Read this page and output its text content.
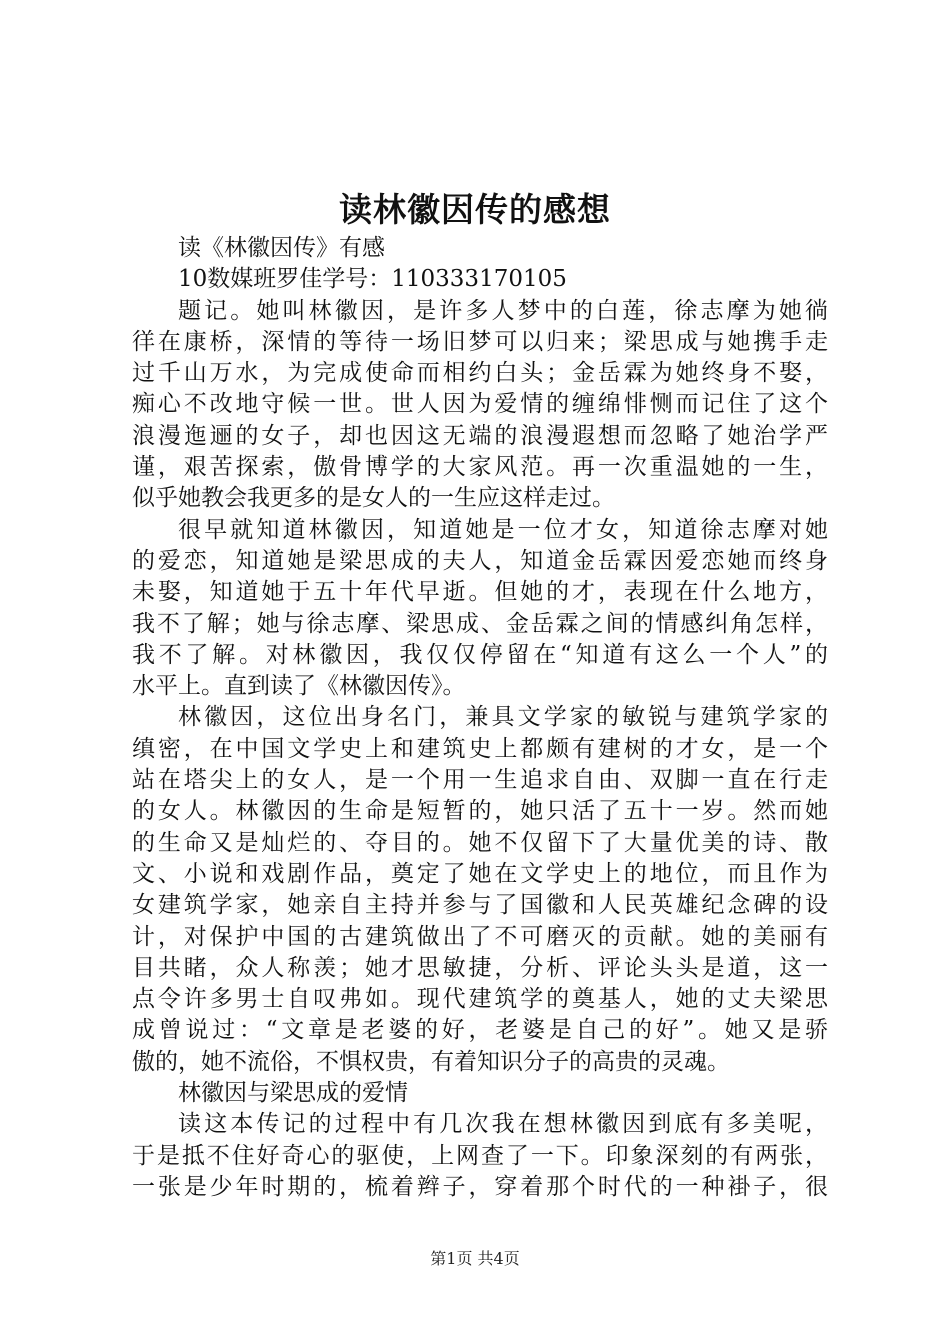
读林徽因传的感想
读《林徽因传》有感
10数媒班罗佳学号：110333170105
题记。她叫林徽因，是许多人梦中的白莲，徐志摩为她徜
徉在康桥，深情的等待一场旧梦可以归来；梁思成与她携手走
过千山万水，为完成使命而相约白头；金岳霖为她终身不娶，
痴心不改地守候一世。世人因为爱情的缠绵悱恻而记住了这个
浪漫迤逦的女子，却也因这无端的浪漫遐想而忽略了她治学严
谨，艰苦探索，傲骨博学的大家风范。再一次重温她的一生，
似乎她教会我更多的是女人的一生应这样走过。
很早就知道林徽因，知道她是一位才女，知道徐志摩对她
的爱恋，知道她是梁思成的夫人，知道金岳霖因爱恋她而终身
未娶，知道她于五十年代早逝。但她的才，表现在什么地方，
我不了解；她与徐志摩、梁思成、金岳霖之间的情感纠角怎样，
我不了解。对林徽因，我仅仅停留在“知道有这么一个人”的
水平上。直到读了《林徽因传》。
林徽因，这位出身名门，兼具文学家的敏锐与建筑学家的
缜密，在中国文学史上和建筑史上都颇有建树的才女，是一个
站在塔尖上的女人，是一个用一生追求自由、双脚一直在行走
的女人。林徽因的生命是短暂的，她只活了五十一岁。然而她
的生命又是灿烂的、夺目的。她不仅留下了大量优美的诗、散
文、小说和戏剧作品，奠定了她在文学史上的地位，而且作为
女建筑学家，她亲自主持并参与了国徽和人民英雄纪念碑的设
计，对保护中国的古建筑做出了不可磨灭的贡献。她的美丽有
目共睹，众人称羡；她才思敏捷，分析、评论头头是道，这一
点令许多男士自叹弗如。现代建筑学的奠基人，她的丈夫梁思
成曾说过：“文章是老婆的好，老婆是自己的好”。她又是骄
傲的，她不流俗，不惧权贵，有着知识分子的高贵的灵魂。
林徽因与梁思成的爱情
读这本传记的过程中有几次我在想林徽因到底有多美呢，
于是抵不住好奇心的驱使，上网查了一下。印象深刻的有两张，
一张是少年时期的，梳着辫子，穿着那个时代的一种褂子，很
第1页 共4页
